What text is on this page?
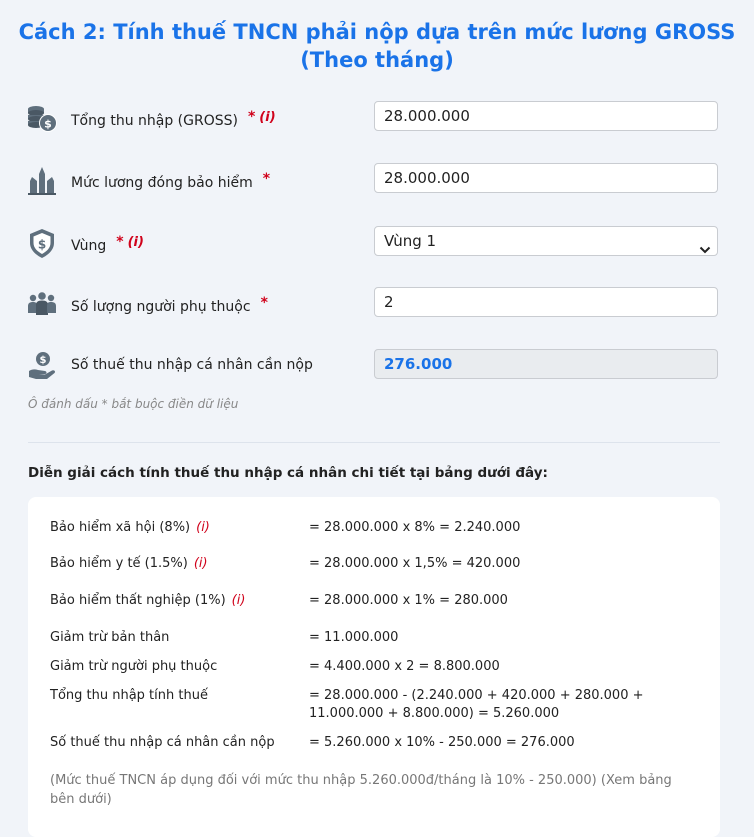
Cách 2: Tính thuế TNCN phải nộp dựa trên mức lương GROSS
(Theo tháng)
$ Tổng thu nhập (GROSS) * (i)	28.000.000
Mức lương đóng bảo hiểm *	28.000.000
$ Vùng * (i)	Vùng 1
Số lượng người phụ thuộc *	2
$ Số thuế thu nhập cá nhân cần nộp	276.000
Ô đánh dấu * bắt buộc điền dữ liệu
Diễn giải cách tính thuế thu nhập cá nhân chi tiết tại bảng dưới đây:
Bảo hiểm xã hội (8%) (i)	= 28.000.000 x 8% = 2.240.000
Bảo hiểm y tế (1.5%) (i)	= 28.000.000 x 1,5% = 420.000
Bảo hiểm thất nghiệp (1%) (i)	= 28.000.000 x 1% = 280.000
Giảm trừ bản thân	= 11.000.000
Giảm trừ người phụ thuộc	= 4.400.000 x 2 = 8.800.000
Tổng thu nhập tính thuế	= 28.000.000 - (2.240.000 + 420.000 + 280.000 + 11.000.000 + 8.800.000) = 5.260.000
Số thuế thu nhập cá nhân cần nộp	= 5.260.000 x 10% - 250.000 = 276.000
(Mức thuế TNCN áp dụng đối với mức thu nhập 5.260.000đ/tháng là 10% - 250.000) (Xem bảng bên dưới)
